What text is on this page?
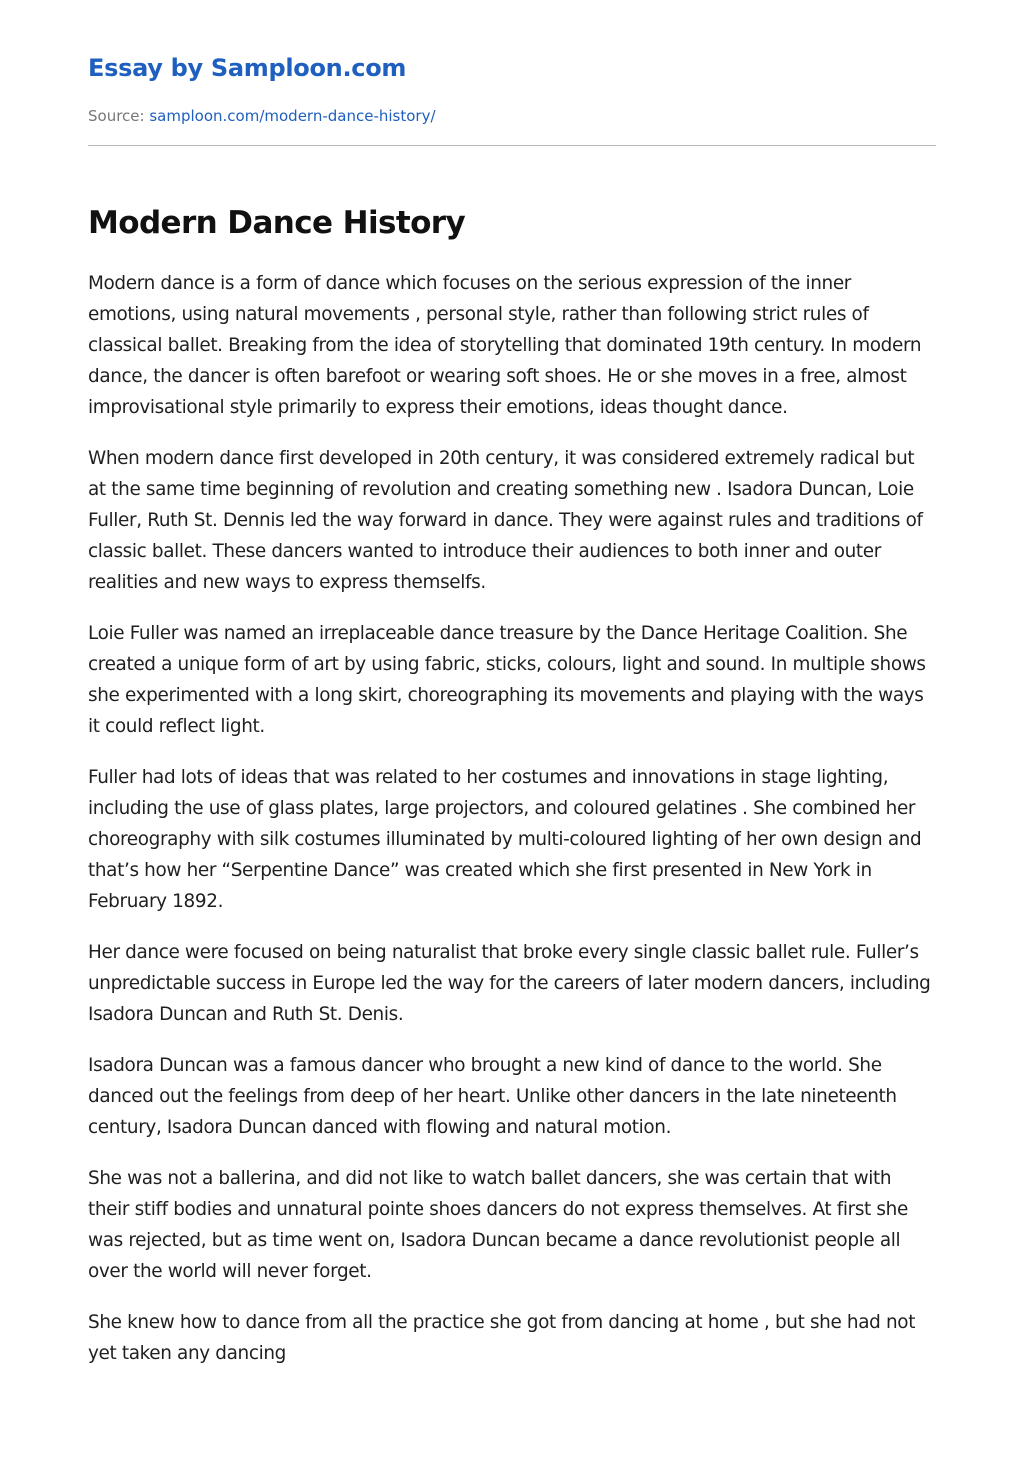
Essay by Samploon.com
Source: samploon.com/modern-dance-history/
Modern Dance History

Modern dance is a form of dance which focuses on the serious expression of the inner emotions, using natural movements , personal style, rather than following strict rules of classical ballet. Breaking from the idea of storytelling that dominated 19th century. In modern dance, the dancer is often barefoot or wearing soft shoes. He or she moves in a free, almost improvisational style primarily to express their emotions, ideas thought dance.

When modern dance first developed in 20th century, it was considered extremely radical but at the same time beginning of revolution and creating something new . Isadora Duncan, Loie Fuller, Ruth St. Dennis led the way forward in dance. They were against rules and traditions of classic ballet. These dancers wanted to introduce their audiences to both inner and outer realities and new ways to express themselfs.

Loie Fuller was named an irreplaceable dance treasure by the Dance Heritage Coalition. She created a unique form of art by using fabric, sticks, colours, light and sound. In multiple shows she experimented with a long skirt, choreographing its movements and playing with the ways it could reflect light.

Fuller had lots of ideas that was related to her costumes and innovations in stage lighting, including the use of glass plates, large projectors, and coloured gelatines . She combined her choreography with silk costumes illuminated by multi-coloured lighting of her own design and that’s how her “Serpentine Dance” was created which she first presented in New York in February 1892.

Her dance were focused on being naturalist that broke every single classic ballet rule. Fuller’s unpredictable success in Europe led the way for the careers of later modern dancers, including Isadora Duncan and Ruth St. Denis.

Isadora Duncan was a famous dancer who brought a new kind of dance to the world. She danced out the feelings from deep of her heart. Unlike other dancers in the late nineteenth century, Isadora Duncan danced with flowing and natural motion.

She was not a ballerina, and did not like to watch ballet dancers, she was certain that with their stiff bodies and unnatural pointe shoes dancers do not express themselves. At first she was rejected, but as time went on, Isadora Duncan became a dance revolutionist people all over the world will never forget.

She knew how to dance from all the practice she got from dancing at home , but she had not yet taken any dancing
